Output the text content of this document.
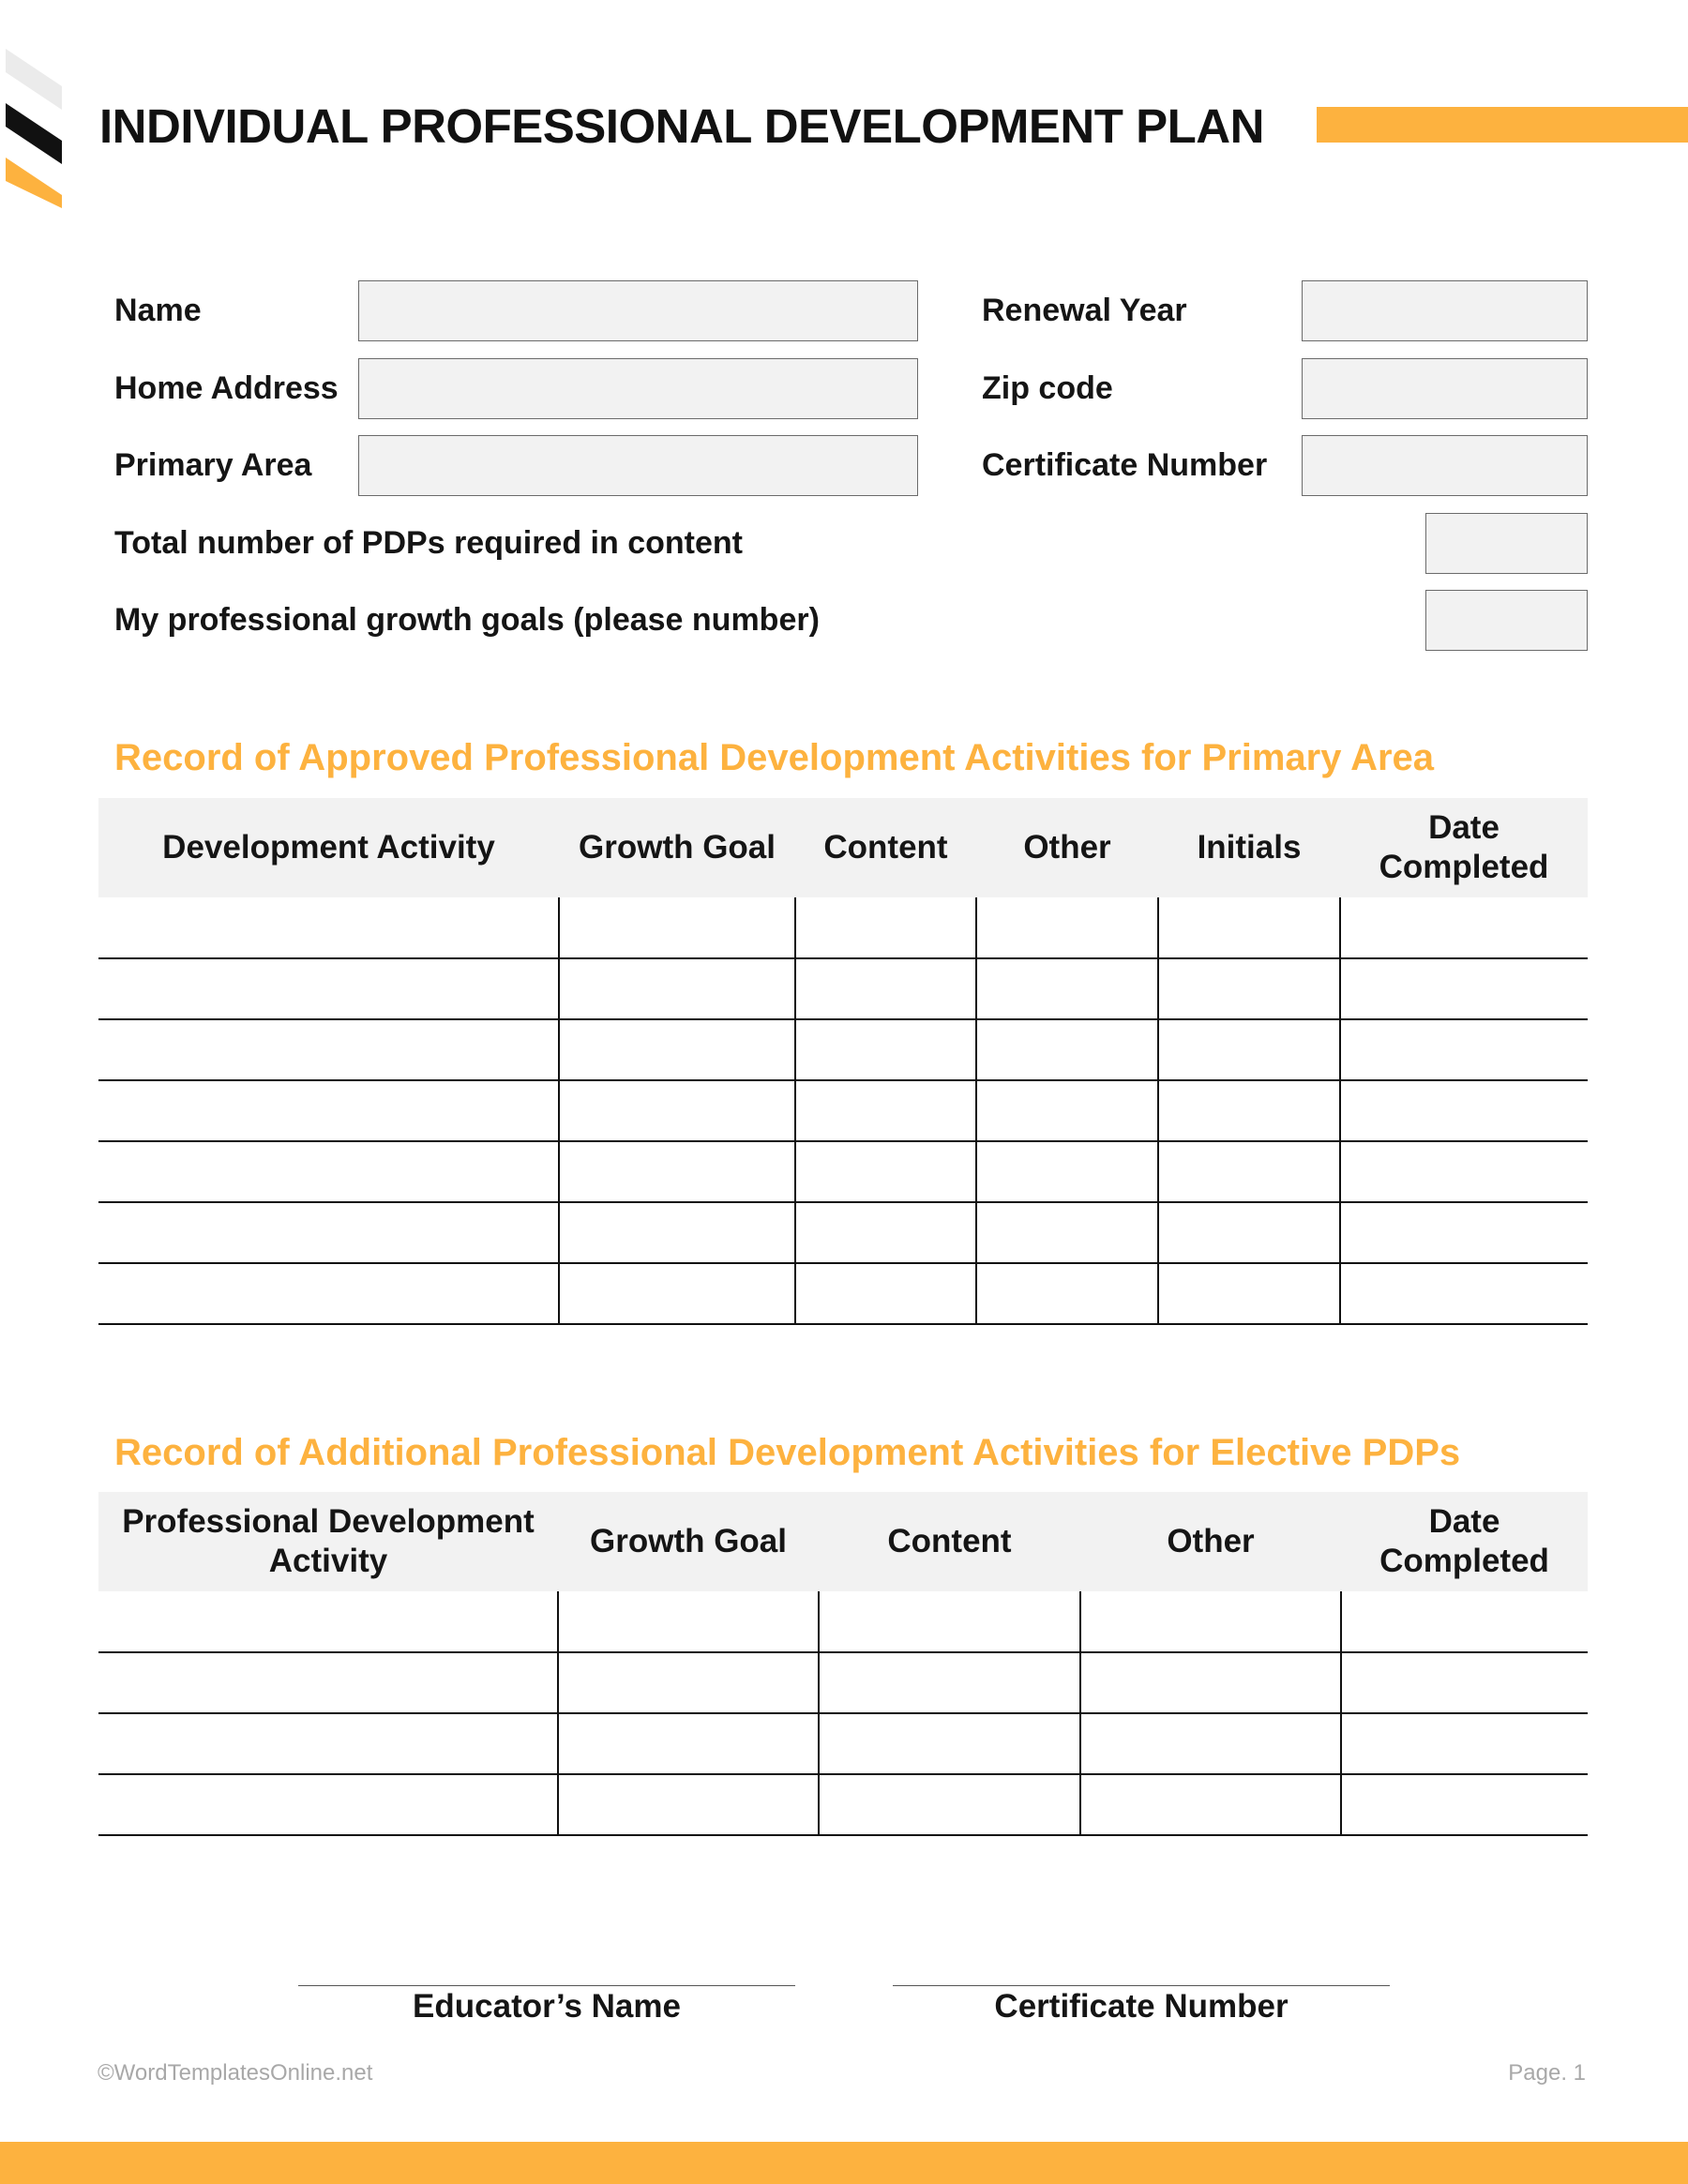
INDIVIDUAL PROFESSIONAL DEVELOPMENT PLAN
Name
Home Address
Primary Area
Renewal Year
Zip code
Certificate Number
Total number of PDPs required in content
My professional growth goals (please number)
Record of Approved Professional Development Activities for Primary Area
Development Activity	Growth Goal	Content	Other	Initials	Date Completed

Record of Additional Professional Development Activities for Elective PDPs
Professional Development Activity	Growth Goal	Content	Other	Date Completed

Educator’s Name	Certificate Number
©WordTemplatesOnline.net	Page. 1
